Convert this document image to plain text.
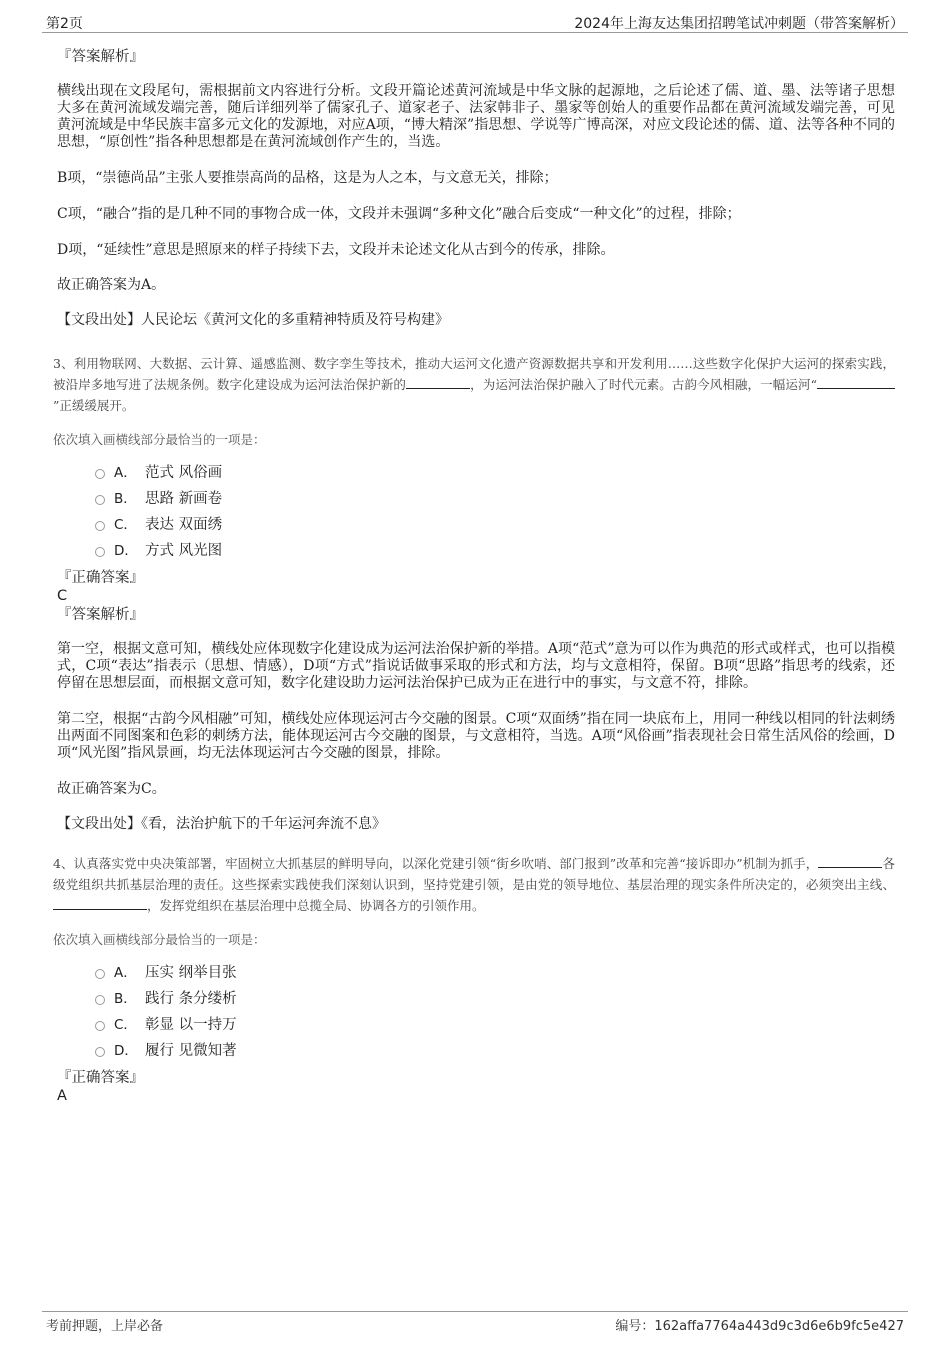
第2页	2024年上海友达集团招聘笔试冲刺题（带答案解析）

『答案解析』

横线出现在文段尾句，需根据前文内容进行分析。文段开篇论述黄河流域是中华文脉的起源地，之后论述了儒、道、墨、法等诸子思想大多在黄河流域发端完善，随后详细列举了儒家孔子、道家老子、法家韩非子、墨家等创始人的重要作品都在黄河流域发端完善，可见黄河流域是中华民族丰富多元文化的发源地，对应A项，“博大精深”指思想、学说等广博高深，对应文段论述的儒、道、法等各种不同的思想，“原创性”指各种思想都是在黄河流域创作产生的，当选。

B项，“崇德尚品”主张人要推崇高尚的品格，这是为人之本，与文意无关，排除；

C项，“融合”指的是几种不同的事物合成一体，文段并未强调“多种文化”融合后变成“一种文化”的过程，排除；

D项，“延续性”意思是照原来的样子持续下去，文段并未论述文化从古到今的传承，排除。

故正确答案为A。

【文段出处】人民论坛《黄河文化的多重精神特质及符号构建》

3、利用物联网、大数据、云计算、遥感监测、数字孪生等技术，推动大运河文化遗产资源数据共享和开发利用……这些数字化保护大运河的探索实践，被沿岸多地写进了法规条例。数字化建设成为运河法治保护新的	，为运河法治保护融入了时代元素。古韵今风相融，一幅运河“”正缓缓展开。

依次填入画横线部分最恰当的一项是：

A． 范式 风俗画
B． 思路 新画卷
C． 表达 双面绣
D． 方式 风光图

『正确答案』

C

『答案解析』

第一空，根据文意可知，横线处应体现数字化建设成为运河法治保护新的举措。A项“范式”意为可以作为典范的形式或样式，也可以指模式，C项“表达”指表示（思想、情感），D项“方式”指说话做事采取的形式和方法，均与文意相符，保留。B项“思路”指思考的线索，还停留在思想层面，而根据文意可知，数字化建设助力运河法治保护已成为正在进行中的事实，与文意不符，排除。

第二空，根据“古韵今风相融”可知，横线处应体现运河古今交融的图景。C项“双面绣”指在同一块底布上，用同一种线以相同的针法刺绣出两面不同图案和色彩的刺绣方法，能体现运河古今交融的图景，与文意相符，当选。A项“风俗画”指表现社会日常生活风俗的绘画，D项“风光图”指风景画，均无法体现运河古今交融的图景，排除。

故正确答案为C。

【文段出处】《看，法治护航下的千年运河奔流不息》

4、认真落实党中央决策部署，牢固树立大抓基层的鲜明导向，以深化党建引领“街乡吹哨、部门报到”改革和完善“接诉即办”机制为抓手，	各级党组织共抓基层治理的责任。这些探索实践使我们深刻认识到，坚持党建引领，是由党的领导地位、基层治理的现实条件所决定的，必须突出主线、，发挥党组织在基层治理中总揽全局、协调各方的引领作用。

依次填入画横线部分最恰当的一项是：

A． 压实 纲举目张
B． 践行 条分缕析
C． 彰显 以一持万
D． 履行 见微知著

『正确答案』

A

考前押题，上岸必备	编号：162affa7764a443d9c3d6e6b9fc5e427
